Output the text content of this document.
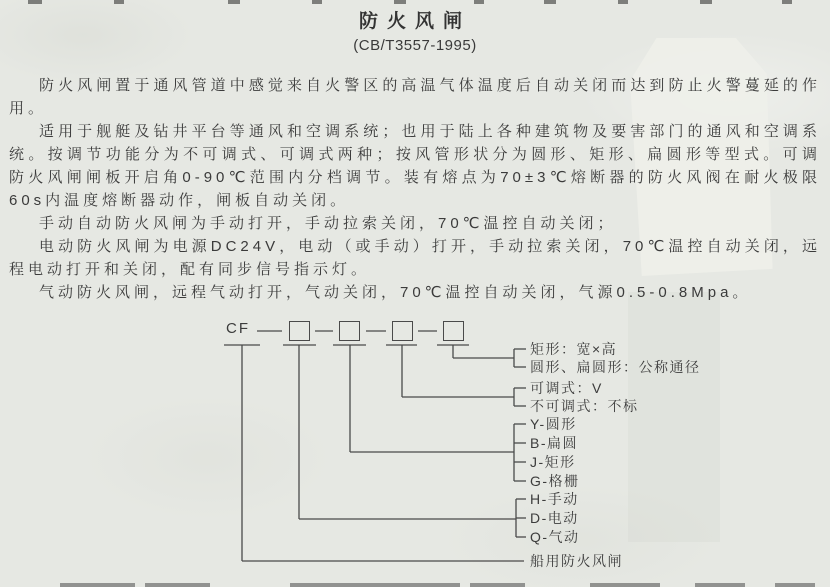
防火风闸
(CB/T3557-1995)

防火风闸置于通风管道中感觉来自火警区的高温气体温度后自动关闭而达到防止火警蔓延的作用。

适用于舰艇及钻井平台等通风和空调系统；也用于陆上各种建筑物及要害部门的通风和空调系统。按调节功能分为不可调式、可调式两种；按风管形状分为圆形、矩形、扁圆形等型式。可调防火风闸闸板开启角0-90℃范围内分档调节。装有熔点为70±3℃熔断器的防火风阀在耐火极限60s内温度熔断器动作，闸板自动关闭。

手动自动防火风闸为手动打开，手动拉索关闭，70℃温控自动关闭；

电动防火风闸为电源DC24V，电动（或手动）打开，手动拉索关闭，70℃温控自动关闭，远程电动打开和关闭，配有同步信号指示灯。

气动防火风闸，远程气动打开，气动关闭，70℃温控自动关闭，气源0.5-0.8Mpa。

CF
矩形：宽×高
圆形、扁圆形：公称通径
可调式：V
不可调式：不标
Y-圆形
B-扁圆
J-矩形
G-格栅
H-手动
D-电动
Q-气动
船用防火风闸
